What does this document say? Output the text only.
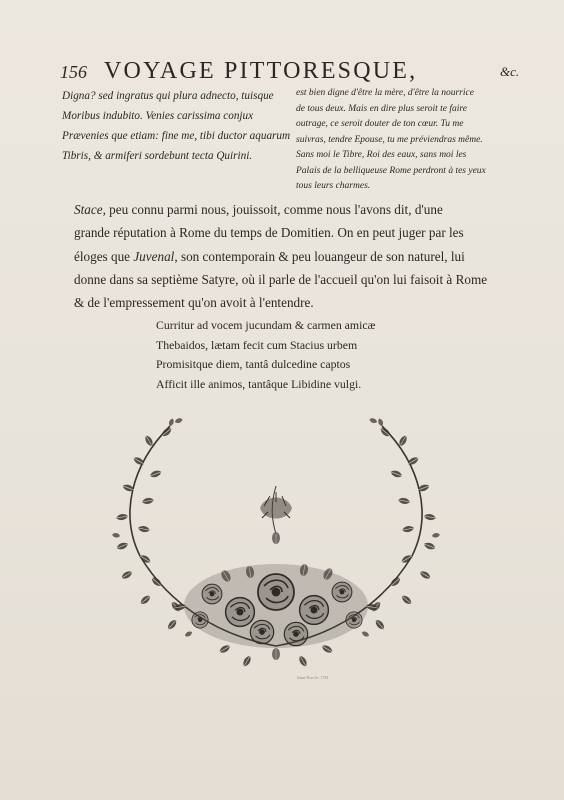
156 VOYAGE PITTORESQUE,	&c.
Digna? sed ingratus qui plura adnecto, tuisque
Moribus indubito. Venies carissima conjux
Prævenies que etiam: fine me, tibi ductor aquarum
Tibris, & armiferi sordebunt tecta Quirini.
est bien digne d'être la mère, d'être la nourrice
de tous deux. Mais en dire plus seroit te faire
outrage, ce seroit douter de ton cœur. Tu me
suivras, tendre Epouse, tu me préviendras même.
Sans moi le Tibre, Roi des eaux, sans moi les
Palais de la belliqueuse Rome perdront à tes yeux
tous leurs charmes.
Stace, peu connu parmi nous, jouissoit, comme nous l'avons dit, d'une
grande réputation à Rome du temps de Domitien. On en peut juger par les
éloges que Juvenal, son contemporain & peu louangeur de son naturel, lui
donne dans sa septième Satyre, où il parle de l'accueil qu'on lui faisoit à Rome
& de l'empressement qu'on avoit à l'entendre.
Curritur ad vocem jucundam & carmen amicæ
Thebaidos, lætam fecit cum Stacius urbem
Promisitque diem, tantâ dulcedine captos
Afficit ille animos, tantâque Libidine vulgi.
Saint-Non Sc. 1781
